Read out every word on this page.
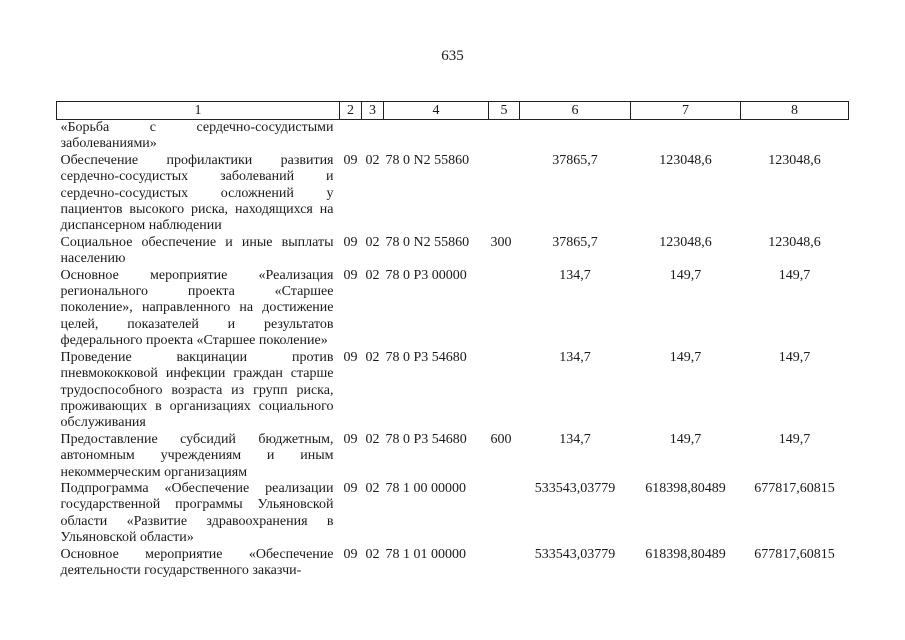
635
1	2	3	4	5	6	7	8
«Борьба с сердечно-сосудистыми заболеваниями»							
Обеспечение профилактики развития сердечно-сосудистых заболеваний и сердечно-сосудистых осложнений у пациентов высокого риска, находящихся на диспансерном наблюдении	09	02	78 0 N2 55860		37865,7	123048,6	123048,6
Социальное обеспечение и иные выплаты населению	09	02	78 0 N2 55860	300	37865,7	123048,6	123048,6
Основное мероприятие «Реализация регионального проекта «Старшее поколение», направленного на достижение целей, показателей и результатов федерального проекта «Старшее поколение»	09	02	78 0 P3 00000		134,7	149,7	149,7
Проведение вакцинации против пневмококковой инфекции граждан старше трудоспособного возраста из групп риска, проживающих в организациях социального обслуживания	09	02	78 0 P3 54680		134,7	149,7	149,7
Предоставление субсидий бюджетным, автономным учреждениям и иным некоммерческим организациям	09	02	78 0 P3 54680	600	134,7	149,7	149,7
Подпрограмма «Обеспечение реализации государственной программы Ульяновской области «Развитие здравоохранения в Ульяновской области»	09	02	78 1 00 00000		533543,03779	618398,80489	677817,60815
Основное мероприятие «Обеспечение деятельности государственного заказчи-	09	02	78 1 01 00000		533543,03779	618398,80489	677817,60815
